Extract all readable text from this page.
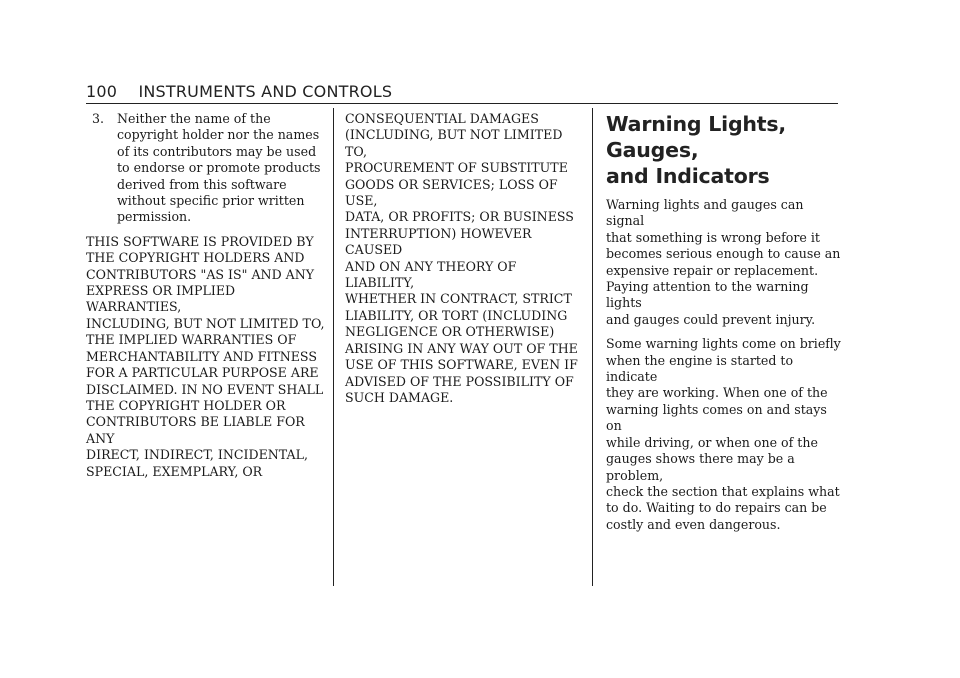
100 INSTRUMENTS AND CONTROLS
3. Neither the name of the
copyright holder nor the names
of its contributors may be used
to endorse or promote products
derived from this software
without specific prior written
permission.

THIS SOFTWARE IS PROVIDED BY
THE COPYRIGHT HOLDERS AND
CONTRIBUTORS "AS IS" AND ANY
EXPRESS OR IMPLIED WARRANTIES,
INCLUDING, BUT NOT LIMITED TO,
THE IMPLIED WARRANTIES OF
MERCHANTABILITY AND FITNESS
FOR A PARTICULAR PURPOSE ARE
DISCLAIMED. IN NO EVENT SHALL
THE COPYRIGHT HOLDER OR
CONTRIBUTORS BE LIABLE FOR ANY
DIRECT, INDIRECT, INCIDENTAL,
SPECIAL, EXEMPLARY, OR

CONSEQUENTIAL DAMAGES
(INCLUDING, BUT NOT LIMITED TO,
PROCUREMENT OF SUBSTITUTE
GOODS OR SERVICES; LOSS OF USE,
DATA, OR PROFITS; OR BUSINESS
INTERRUPTION) HOWEVER CAUSED
AND ON ANY THEORY OF LIABILITY,
WHETHER IN CONTRACT, STRICT
LIABILITY, OR TORT (INCLUDING
NEGLIGENCE OR OTHERWISE)
ARISING IN ANY WAY OUT OF THE
USE OF THIS SOFTWARE, EVEN IF
ADVISED OF THE POSSIBILITY OF
SUCH DAMAGE.

Warning Lights, Gauges,
and Indicators

Warning lights and gauges can signal
that something is wrong before it
becomes serious enough to cause an
expensive repair or replacement.
Paying attention to the warning lights
and gauges could prevent injury.

Some warning lights come on briefly
when the engine is started to indicate
they are working. When one of the
warning lights comes on and stays on
while driving, or when one of the
gauges shows there may be a problem,
check the section that explains what
to do. Waiting to do repairs can be
costly and even dangerous.
